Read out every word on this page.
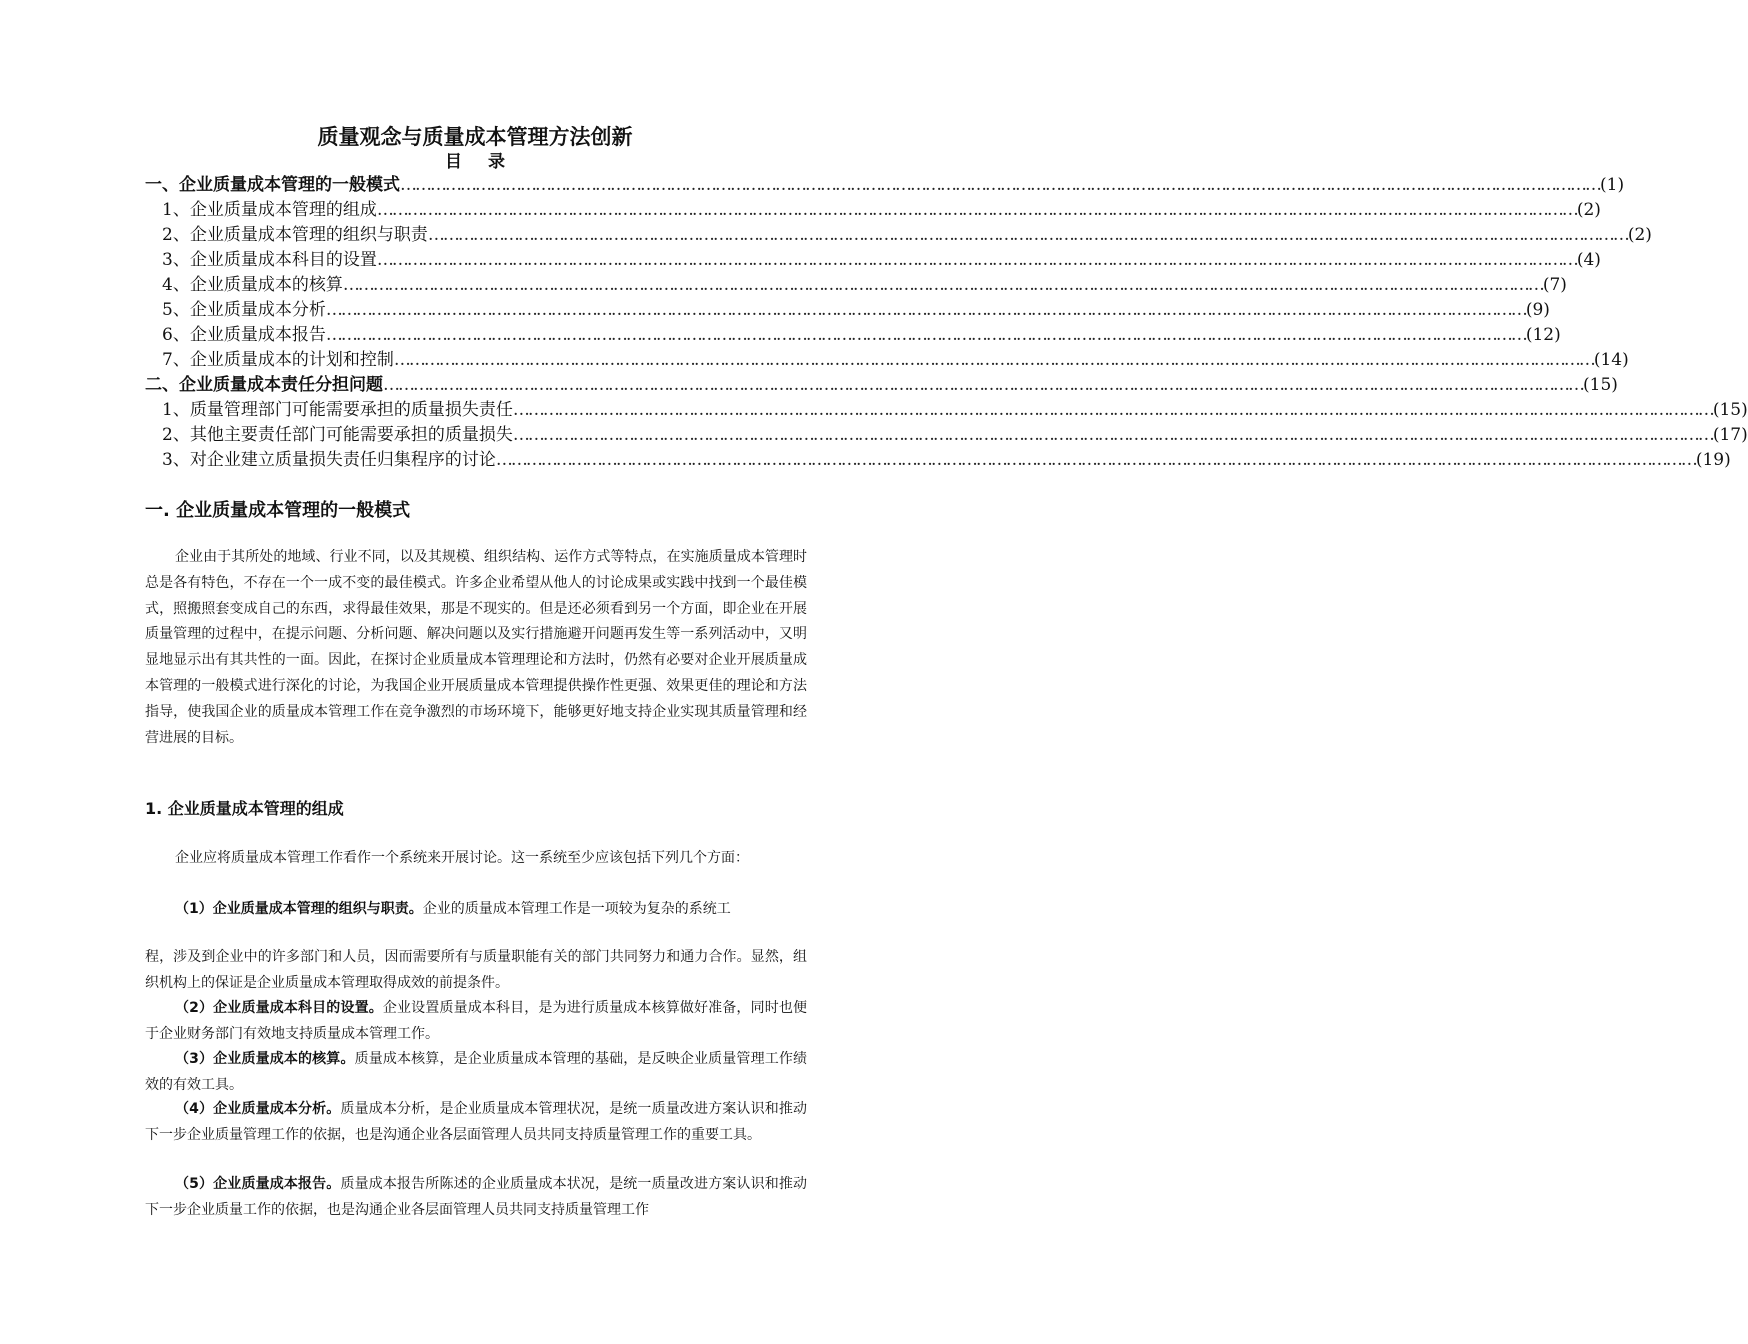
质量观念与质量成本管理方法创新
目录
一、企业质量成本管理的一般模式 …………………………………………………………………………………………………………………………………………………………………………………………………………………… (1)
1、企业质量成本管理的组成 …………………………………………………………………………………………………………………………………………………………………………………………………………………… (2)
2、企业质量成本管理的组织与职责 …………………………………………………………………………………………………………………………………………………………………………………………………………………… (2)
3、企业质量成本科目的设置 …………………………………………………………………………………………………………………………………………………………………………………………………………………… (4)
4、企业质量成本的核算 …………………………………………………………………………………………………………………………………………………………………………………………………………………… (7)
5、企业质量成本分析 …………………………………………………………………………………………………………………………………………………………………………………………………………………… (9)
6、企业质量成本报告 …………………………………………………………………………………………………………………………………………………………………………………………………………………… (12)
7、企业质量成本的计划和控制 …………………………………………………………………………………………………………………………………………………………………………………………………………………… (14)
二、企业质量成本责任分担问题 …………………………………………………………………………………………………………………………………………………………………………………………………………………… (15)
1、质量管理部门可能需要承担的质量损失责任 …………………………………………………………………………………………………………………………………………………………………………………………………………………… (15)
2、其他主要责任部门可能需要承担的质量损失 …………………………………………………………………………………………………………………………………………………………………………………………………………………… (17)
3、对企业建立质量损失责任归集程序的讨论 …………………………………………………………………………………………………………………………………………………………………………………………………………………… (19)
一. 企业质量成本管理的一般模式

企业由于其所处的地域、行业不同，以及其规模、组织结构、运作方式等特点，在实施质量成本管理时总是各有特色，不存在一个一成不变的最佳模式。许多企业希望从他人的讨论成果或实践中找到一个最佳模式，照搬照套变成自己的东西，求得最佳效果，那是不现实的。但是还必须看到另一个方面，即企业在开展质量管理的过程中，在提示问题、分析问题、解决问题以及实行措施避开问题再发生等一系列活动中，又明显地显示出有其共性的一面。因此，在探讨企业质量成本管理理论和方法时，仍然有必要对企业开展质量成本管理的一般模式进行深化的讨论，为我国企业开展质量成本管理提供操作性更强、效果更佳的理论和方法指导，使我国企业的质量成本管理工作在竞争激烈的市场环境下，能够更好地支持企业实现其质量管理和经营进展的目标。

1. 企业质量成本管理的组成

企业应将质量成本管理工作看作一个系统来开展讨论。这一系统至少应该包括下列几个方面：

（1）企业质量成本管理的组织与职责。企业的质量成本管理工作是一项较为复杂的系统工

程，涉及到企业中的许多部门和人员，因而需要所有与质量职能有关的部门共同努力和通力合作。显然，组织机构上的保证是企业质量成本管理取得成效的前提条件。

（2）企业质量成本科目的设置。企业设置质量成本科目，是为进行质量成本核算做好准备，同时也便于企业财务部门有效地支持质量成本管理工作。

（3）企业质量成本的核算。质量成本核算，是企业质量成本管理的基础，是反映企业质量管理工作绩效的有效工具。

（4）企业质量成本分析。质量成本分析，是企业质量成本管理状况，是统一质量改进方案认识和推动下一步企业质量管理工作的依据，也是沟通企业各层面管理人员共同支持质量管理工作的重要工具。

（5）企业质量成本报告。质量成本报告所陈述的企业质量成本状况，是统一质量改进方案认识和推动下一步企业质量工作的依据，也是沟通企业各层面管理人员共同支持质量管理工作
